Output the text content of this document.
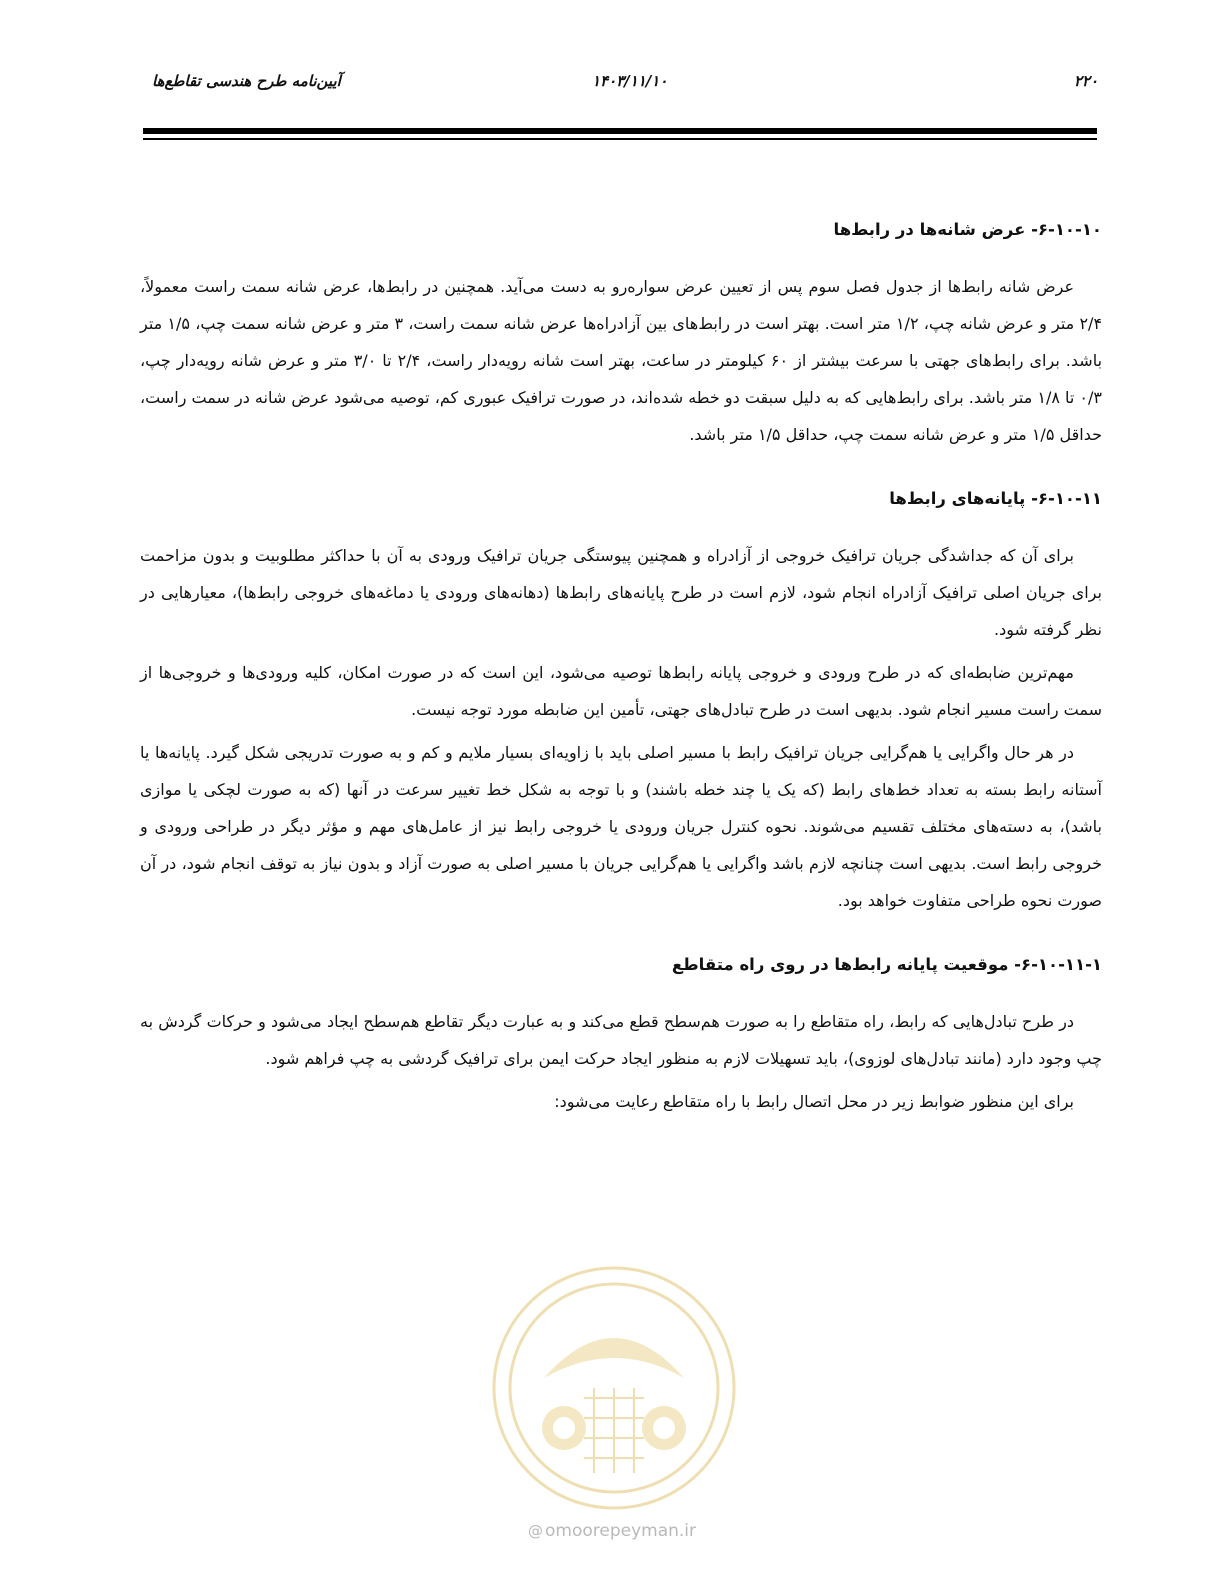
آیین‌نامه طرح هندسی تقاطع‌ها	۱۴۰۳/۱۱/۱۰	۲۲۰
۶-۱۰-۱۰- عرض شانه‌ها در رابط‌ها

عرض شانه رابط‌ها از جدول فصل سوم پس از تعیین عرض سواره‌رو به دست می‌آید. همچنین در رابط‌ها، عرض شانه سمت راست معمولاً، ۲/۴ متر و عرض شانه چپ، ۱/۲ متر است. بهتر است در رابط‌های بین آزادراه‌ها عرض شانه سمت راست، ۳ متر و عرض شانه سمت چپ، ۱/۵ متر باشد. برای رابط‌های جهتی با سرعت بیشتر از ۶۰ کیلومتر در ساعت، بهتر است شانه رویه‌دار راست، ۲/۴ تا ۳/۰ متر و عرض شانه رویه‌دار چپ، ۰/۳ تا ۱/۸ متر باشد. برای رابط‌هایی که به دلیل سبقت دو خطه شده‌اند، در صورت ترافیک عبوری کم، توصیه می‌شود عرض شانه در سمت راست، حداقل ۱/۵ متر و عرض شانه سمت چپ، حداقل ۱/۵ متر باشد.

۶-۱۰-۱۱- پایانه‌های رابط‌ها

برای آن که جداشدگی جریان ترافیک خروجی از آزادراه و همچنین پیوستگی جریان ترافیک ورودی به آن با حداکثر مطلوبیت و بدون مزاحمت برای جریان اصلی ترافیک آزادراه انجام شود، لازم است در طرح پایانه‌های رابط‌ها (دهانه‌های ورودی یا دماغه‌های خروجی رابط‌ها)، معیارهایی در نظر گرفته شود.

مهم‌ترین ضابطه‌ای که در طرح ورودی و خروجی پایانه رابط‌ها توصیه می‌شود، این است که در صورت امکان، کلیه ورودی‌ها و خروجی‌ها از سمت راست مسیر انجام شود. بدیهی است در طرح تبادل‌های جهتی، تأمین این ضابطه مورد توجه نیست.

در هر حال واگرایی یا هم‌گرایی جریان ترافیک رابط با مسیر اصلی باید با زاویه‌ای بسیار ملایم و کم و به صورت تدریجی شکل گیرد. پایانه‌ها یا آستانه رابط بسته به تعداد خط‌های رابط (که یک یا چند خطه باشند) و با توجه به شکل خط تغییر سرعت در آنها (که به صورت لچکی یا موازی باشد)، به دسته‌های مختلف تقسیم می‌شوند. نحوه کنترل جریان ورودی یا خروجی رابط نیز از عامل‌های مهم و مؤثر دیگر در طراحی ورودی و خروجی رابط است. بدیهی است چنانچه لازم باشد واگرایی یا هم‌گرایی جریان با مسیر اصلی به صورت آزاد و بدون نیاز به توقف انجام شود، در آن صورت نحوه طراحی متفاوت خواهد بود.

۶-۱۰-۱۱-۱- موقعیت پایانه رابط‌ها در روی راه متقاطع

در طرح تبادل‌هایی که رابط، راه متقاطع را به صورت هم‌سطح قطع می‌کند و به عبارت دیگر تقاطع هم‌سطح ایجاد می‌شود و حرکات گردش به چپ وجود دارد (مانند تبادل‌های لوزوی)، باید تسهیلات لازم به منظور ایجاد حرکت ایمن برای ترافیک گردشی به چپ فراهم شود.

برای این منظور ضوابط زیر در محل اتصال رابط با راه متقاطع رعایت می‌شود:

@ omoorepeyman.ir
